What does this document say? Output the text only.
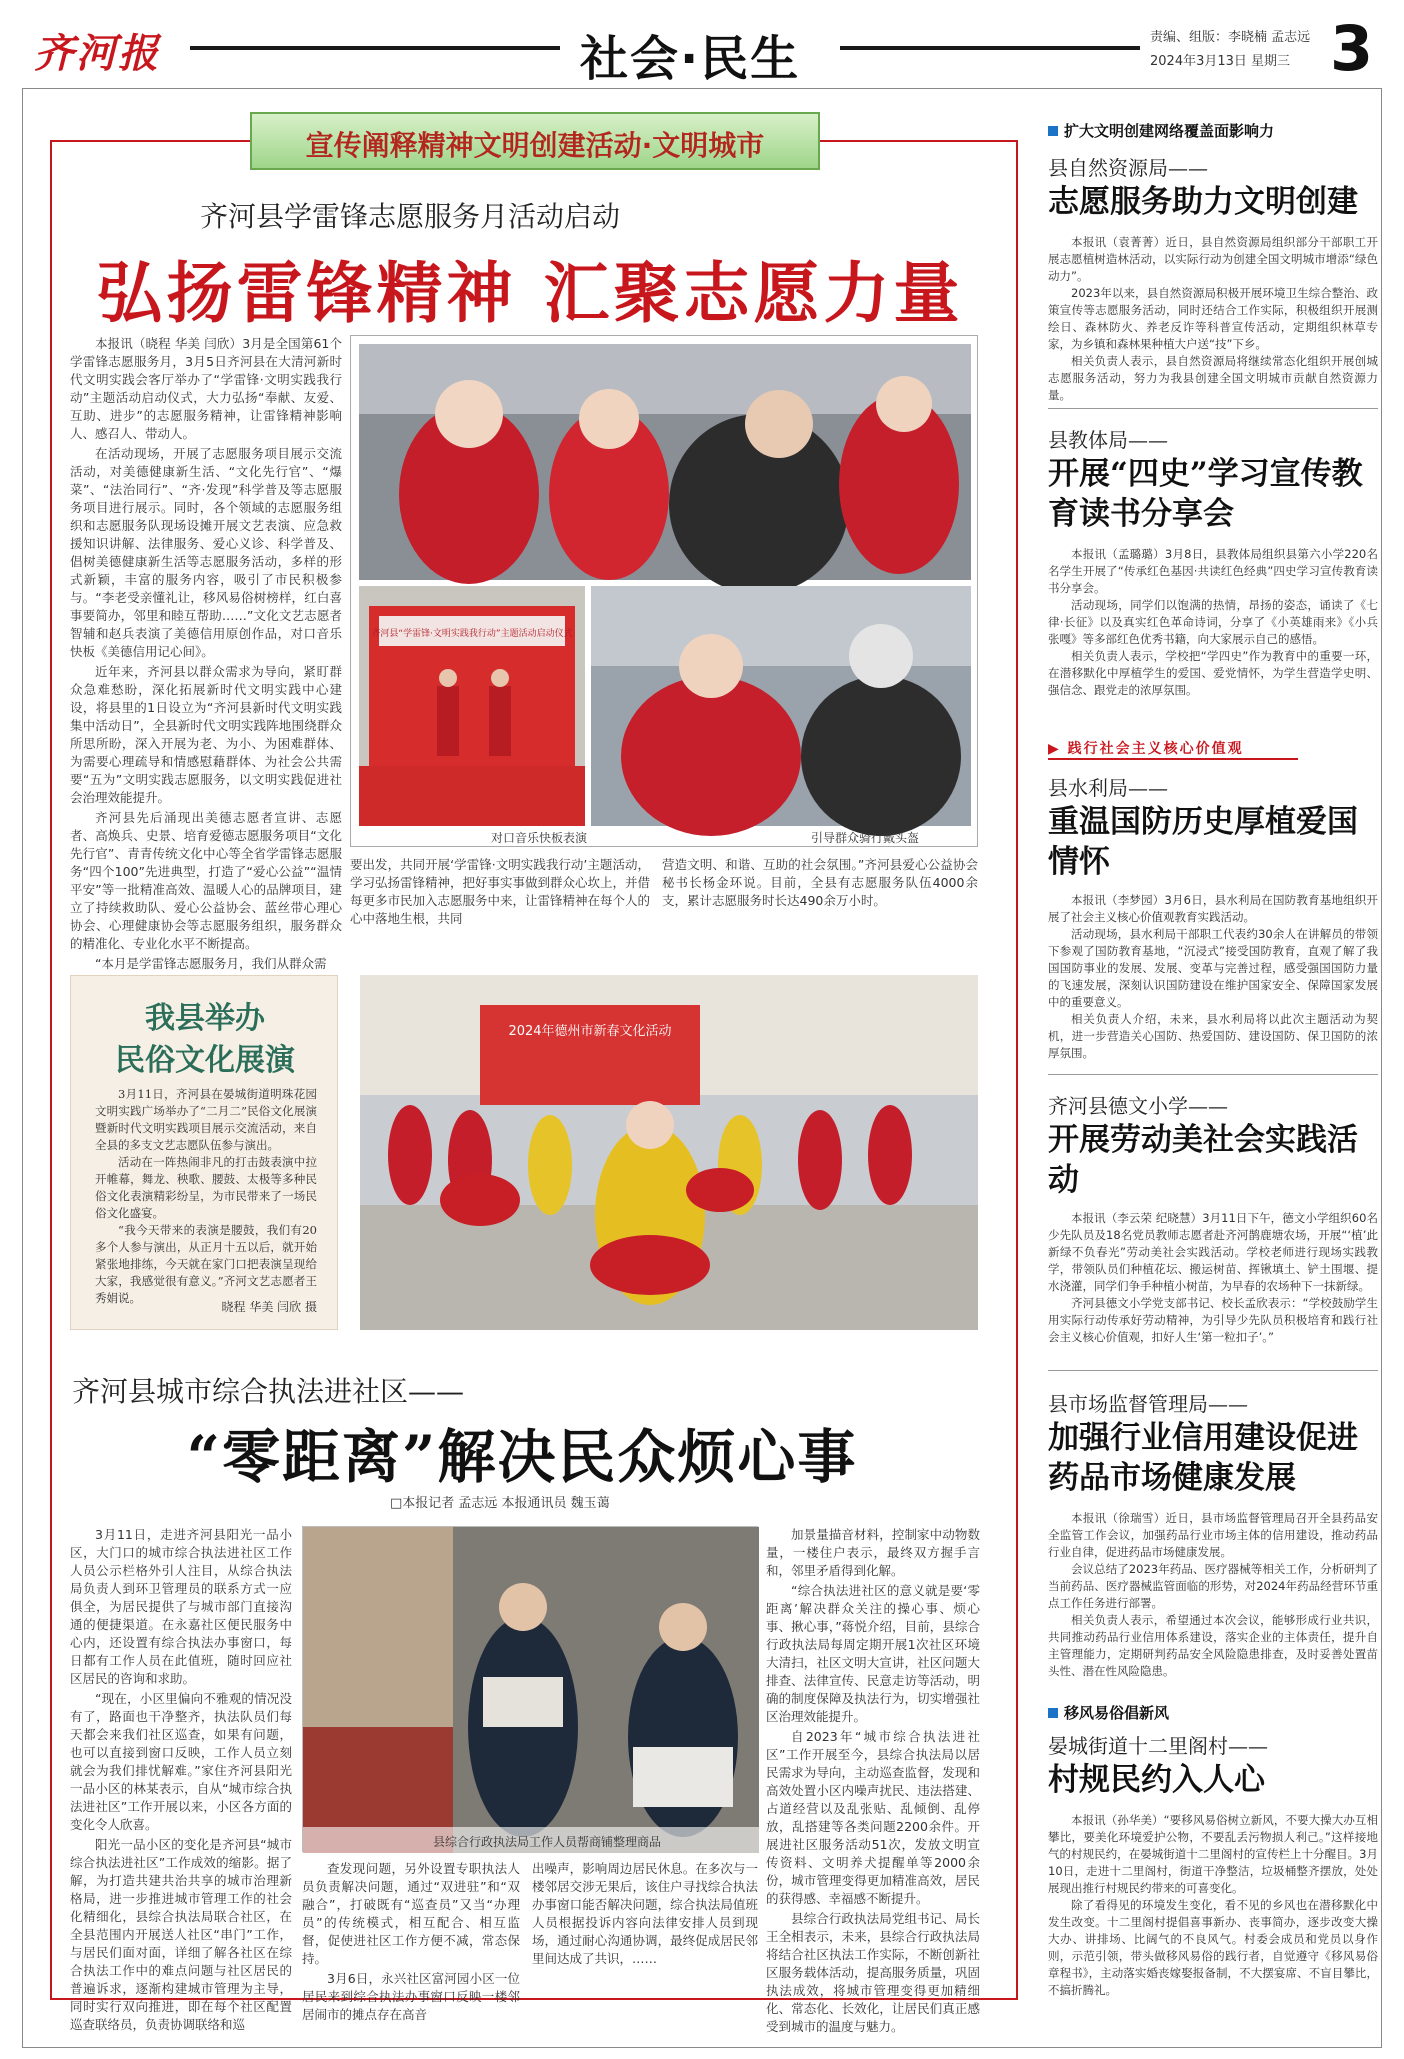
齐河报	社会·民生	责编、组版：李晓楠 孟志远
2024年3月13日 星期三 3
宣传阐释精神文明创建活动·文明城市
齐河县学雷锋志愿服务月活动启动
弘扬雷锋精神 汇聚志愿力量

本报讯（晓程 华美 闫欣）3月是全国第61个学雷锋志愿服务月，3月5日齐河县在大清河新时代文明实践会客厅举办了“学雷锋·文明实践我行动”主题活动启动仪式，大力弘扬“奉献、友爱、互助、进步”的志愿服务精神，让雷锋精神影响人、感召人、带动人。

在活动现场，开展了志愿服务项目展示交流活动，对美德健康新生活、“文化先行官”、“爆菜”、“法治同行”、“齐·发现”科学普及等志愿服务项目进行展示。同时，各个领域的志愿服务组织和志愿服务队现场设摊开展文艺表演、应急救援知识讲解、法律服务、爱心义诊、科学普及、倡树美德健康新生活等志愿服务活动，多样的形式新颖，丰富的服务内容，吸引了市民积极参与。“李老受亲懂礼让，移风易俗树榜样，红白喜事要简办，邻里和睦互帮助……”文化文艺志愿者智辅和赵兵表演了美德信用原创作品，对口音乐快板《美德信用记心间》。

近年来，齐河县以群众需求为导向，紧盯群众急难愁盼，深化拓展新时代文明实践中心建设，将县里的1日设立为“齐河县新时代文明实践集中活动日”，全县新时代文明实践阵地围绕群众所思所盼，深入开展为老、为小、为困难群体、为需要心理疏导和情感慰藉群体、为社会公共需要“五为”文明实践志愿服务，以文明实践促进社会治理效能提升。

齐河县先后涌现出美德志愿者宣讲、志愿者、高焕兵、史景、培育爱德志愿服务项目“文化先行官”、青青传统文化中心等全省学雷锋志愿服务“四个100”先进典型，打造了“爱心公益”“温情平安”等一批精准高效、温暖人心的品牌项目，建立了持续救助队、爱心公益协会、蓝丝带心理心协会、心理健康协会等志愿服务组织，服务群众的精准化、专业化水平不断提高。

“本月是学雷锋志愿服务月，我们从群众需

要出发，共同开展‘学雷锋·文明实践我行动’主题活动，学习弘扬雷锋精神，把好事实事做到群众心坎上，并借每更多市民加入志愿服务中来，让雷锋精神在每个人的心中落地生根，共同

营造文明、和谐、互助的社会氛围。”齐河县爱心公益协会秘书长杨金环说。目前，全县有志愿服务队伍4000余支，累计志愿服务时长达490余万小时。

齐河县“学雷锋·文明实践我行动”主题活动启动仪式
对口音乐快板表演	引导群众骑行戴头盔
我县举办
民俗文化展演

3月11日，齐河县在晏城街道明珠花园文明实践广场举办了“二月二”民俗文化展演暨新时代文明实践项目展示交流活动，来自全县的多支文艺志愿队伍参与演出。

活动在一阵热闹非凡的打击鼓表演中拉开帷幕，舞龙、秧歌、腰鼓、太极等多种民俗文化表演精彩纷呈，为市民带来了一场民俗文化盛宴。

“我今天带来的表演是腰鼓，我们有20多个人参与演出，从正月十五以后，就开始紧张地排练，今天就在家门口把表演呈现给大家，我感觉很有意义。”齐河文艺志愿者王秀娟说。

晓程 华美 闫欣 摄
2024年德州市新春文化活动
齐河县城市综合执法进社区——
“零距离”解决民众烦心事
□本报记者 孟志远 本报通讯员 魏玉蔼

3月11日，走进齐河县阳光一品小区，大门口的城市综合执法进社区工作人员公示栏格外引人注目，从综合执法局负责人到环卫管理员的联系方式一应俱全，为居民提供了与城市部门直接沟通的便捷渠道。在永嘉社区便民服务中心内，还设置有综合执法办事窗口，每日都有工作人员在此值班，随时回应社区居民的咨询和求助。

“现在，小区里偏向不雅观的情况没有了，路面也干净整齐，执法队员们每天都会来我们社区巡查，如果有问题，也可以直接到窗口反映，工作人员立刻就会为我们排忧解难。”家住齐河县阳光一品小区的林某表示，自从“城市综合执法进社区”工作开展以来，小区各方面的变化令人欣喜。

阳光一品小区的变化是齐河县“城市综合执法进社区”工作成效的缩影。据了解，为打造共建共治共享的城市治理新格局，进一步推进城市管理工作的社会化精细化，县综合执法局联合社区，在全县范围内开展送人社区“串门”工作，与居民们面对面，详细了解各社区在综合执法工作中的难点问题与社区居民的普遍诉求，逐渐构建城市管理为主导，同时实行双向推进，即在每个社区配置巡查联络员，负责协调联络和巡

县综合行政执法局工作人员帮商铺整理商品

查发现问题，另外设置专职执法人员负责解决问题，通过“双进驻”和“双融合”，打破既有“巡查员”又当“办理员”的传统模式，相互配合、相互监督，促使进社区工作方便不减，常态保持。

3月6日，永兴社区富河园小区一位居民来到综合执法办事窗口反映一楼邻居闹市的摊点存在高音

出噪声，影响周边居民休息。在多次与一楼邻居交涉无果后，该住户寻找综合执法办事窗口能否解决问题，综合执法局值班人员根据投诉内容向法律安排人员到现场，通过耐心沟通协调，最终促成居民邻里间达成了共识，……

加景量描音材料，控制家中动物数量，一楼住户表示，最终双方握手言和，邻里矛盾得到化解。

“综合执法进社区的意义就是要‘零距离’解决群众关注的操心事、烦心事、揪心事，”蒋悦介绍，目前，县综合行政执法局每周定期开展1次社区环境大清扫，社区文明大宣讲，社区问题大排查、法律宣传、民意走访等活动，明确的制度保障及执法行为，切实增强社区治理效能提升。

自2023年“城市综合执法进社区”工作开展至今，县综合执法局以居民需求为导向，主动巡查监督，发现和高效处置小区内噪声扰民、违法搭建、占道经营以及乱张贴、乱倾倒、乱停放，乱搭建等各类问题2200余件。开展进社区服务活动51次，发放文明宣传资料、文明养犬提醒单等2000余份，城市管理变得更加精准高效，居民的获得感、幸福感不断提升。

县综合行政执法局党组书记、局长王全相表示，未来，县综合行政执法局将结合社区执法工作实际，不断创新社区服务载体活动，提高服务质量，巩固执法成效，将城市管理变得更加精细化、常态化、长效化，让居民们真正感受到城市的温度与魅力。

扩大文明创建网络覆盖面影响力
县自然资源局——
志愿服务助力文明创建

本报讯（袁菁菁）近日，县自然资源局组织部分干部职工开展志愿植树造林活动，以实际行动为创建全国文明城市增添“绿色动力”。

2023年以来，县自然资源局积极开展环境卫生综合整治、政策宣传等志愿服务活动，同时还结合工作实际，积极组织开展测绘日、森林防火、养老反诈等科普宣传活动，定期组织林草专家，为乡镇和森林果种植大户送“技”下乡。

相关负责人表示，县自然资源局将继续常态化组织开展创城志愿服务活动，努力为我县创建全国文明城市贡献自然资源力量。

县教体局——
开展“四史”学习宣传教育读书分享会

本报讯（孟璐璐）3月8日，县教体局组织县第六小学220名名学生开展了“传承红色基因·共读红色经典”四史学习宣传教育读书分享会。

活动现场，同学们以饱满的热情，昂扬的姿态，诵读了《七律·长征》以及真实红色革命诗词，分享了《小英雄雨来》《小兵张嘎》等多部红色优秀书籍，向大家展示自己的感悟。

相关负责人表示，学校把“学四史”作为教育中的重要一环，在潜移默化中厚植学生的爱国、爱党情怀，为学生营造学史明、强信念、跟党走的浓厚氛围。

▶ 践行社会主义核心价值观
县水利局——
重温国防历史厚植爱国情怀

本报讯（李梦园）3月6日，县水利局在国防教育基地组织开展了社会主义核心价值观教育实践活动。

活动现场，县水利局干部职工代表约30余人在讲解员的带领下参观了国防教育基地，“沉浸式”接受国防教育，直观了解了我国国防事业的发展、发展、变革与完善过程，感受强国国防力量的飞速发展，深刻认识国防建设在维护国家安全、保障国家发展中的重要意义。

相关负责人介绍，未来，县水利局将以此次主题活动为契机，进一步营造关心国防、热爱国防、建设国防、保卫国防的浓厚氛围。

齐河县德文小学——
开展劳动美社会实践活动

本报讯（李云荣 纪晓慧）3月11日下午，德文小学组织60名少先队员及18名党员教师志愿者赴齐河鹊鹿塘农场，开展“‘植’此新绿不负春光”劳动美社会实践活动。学校老师进行现场实践教学，带领队员们种植花坛、搬运树苗、挥锹填土、铲土围堰、提水浇灌，同学们争手种植小树苗，为早春的农场种下一抹新绿。

齐河县德文小学党支部书记、校长孟欣表示：“学校鼓励学生用实际行动传承好劳动精神，为引导少先队员积极培育和践行社会主义核心价值观，扣好人生‘第一粒扣子’。”

县市场监督管理局——
加强行业信用建设促进药品市场健康发展

本报讯（徐瑞雪）近日，县市场监督管理局召开全县药品安全监管工作会议，加强药品行业市场主体的信用建设，推动药品行业自律，促进药品市场健康发展。

会议总结了2023年药品、医疗器械等相关工作，分析研判了当前药品、医疗器械监管面临的形势，对2024年药品经营环节重点工作任务进行部署。

相关负责人表示，希望通过本次会议，能够形成行业共识，共同推动药品行业信用体系建设，落实企业的主体责任，提升自主管理能力，定期研判药品安全风险隐患排查，及时妥善处置苗头性、潜在性风险隐患。

移风易俗倡新风
晏城街道十二里阁村——
村规民约入人心

本报讯（孙华美）“要移风易俗树立新风，不要大操大办互相攀比，要美化环境爱护公物，不要乱丢污物损人利己。”这样接地气的村规民约，在晏城街道十二里阁村的宣传栏上十分醒目。3月10日，走进十二里阁村，街道干净整洁，垃圾桶整齐摆放，处处展现出推行村规民约带来的可喜变化。

除了看得见的环境发生变化，看不见的乡风也在潜移默化中发生改变。十二里阁村提倡喜事新办、丧事简办，逐步改变大操大办、讲排场、比阔气的不良风气。村委会成员和党员以身作则，示范引领，带头做移风易俗的践行者，自觉遵守《移风易俗章程书》，主动落实婚丧嫁娶报备制，不大摆宴席、不盲目攀比，不搞折腾礼。
